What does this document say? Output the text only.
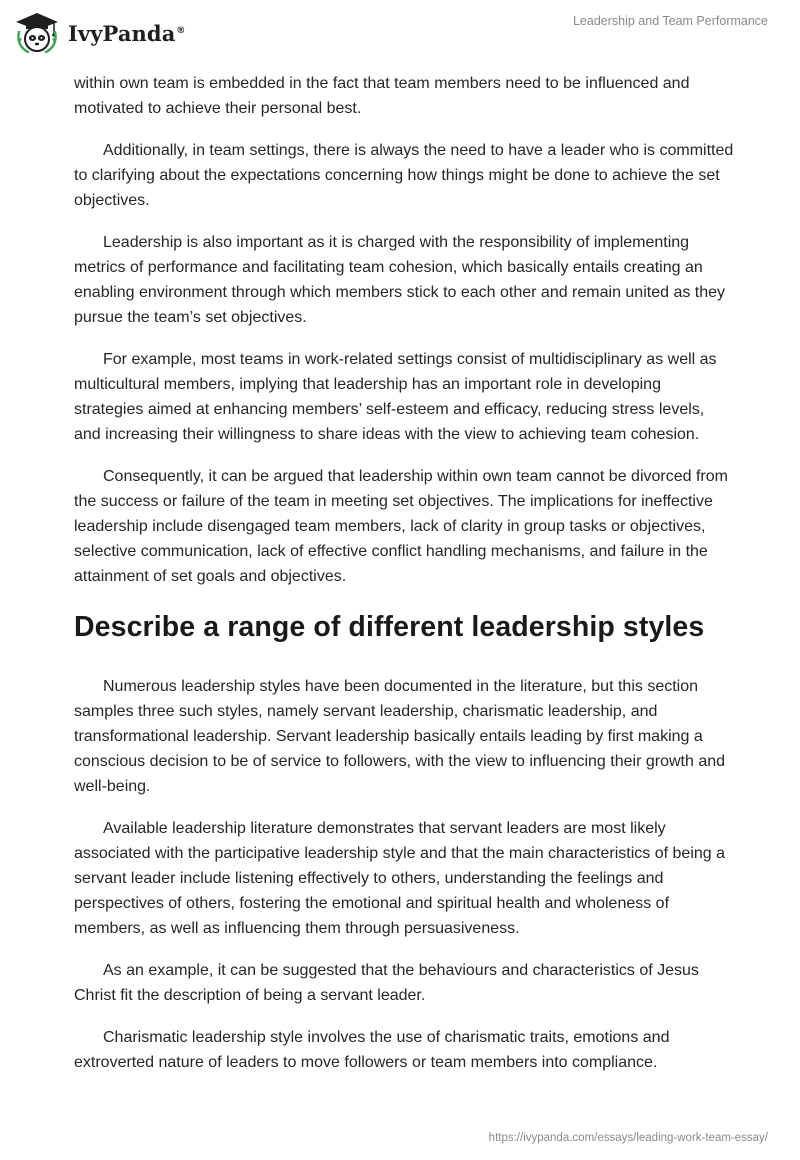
IvyPanda®
Leadership and Team Performance

within own team is embedded in the fact that team members need to be influenced and motivated to achieve their personal best.

Additionally, in team settings, there is always the need to have a leader who is committed to clarifying about the expectations concerning how things might be done to achieve the set objectives.

Leadership is also important as it is charged with the responsibility of implementing metrics of performance and facilitating team cohesion, which basically entails creating an enabling environment through which members stick to each other and remain united as they pursue the team’s set objectives.

For example, most teams in work-related settings consist of multidisciplinary as well as multicultural members, implying that leadership has an important role in developing strategies aimed at enhancing members’ self-esteem and efficacy, reducing stress levels, and increasing their willingness to share ideas with the view to achieving team cohesion.

Consequently, it can be argued that leadership within own team cannot be divorced from the success or failure of the team in meeting set objectives. The implications for ineffective leadership include disengaged team members, lack of clarity in group tasks or objectives, selective communication, lack of effective conflict handling mechanisms, and failure in the attainment of set goals and objectives.

Describe a range of different leadership styles

Numerous leadership styles have been documented in the literature, but this section samples three such styles, namely servant leadership, charismatic leadership, and transformational leadership. Servant leadership basically entails leading by first making a conscious decision to be of service to followers, with the view to influencing their growth and well-being.

Available leadership literature demonstrates that servant leaders are most likely associated with the participative leadership style and that the main characteristics of being a servant leader include listening effectively to others, understanding the feelings and perspectives of others, fostering the emotional and spiritual health and wholeness of members, as well as influencing them through persuasiveness.

As an example, it can be suggested that the behaviours and characteristics of Jesus Christ fit the description of being a servant leader.

Charismatic leadership style involves the use of charismatic traits, emotions and extroverted nature of leaders to move followers or team members into compliance.

https://ivypanda.com/essays/leading-work-team-essay/
